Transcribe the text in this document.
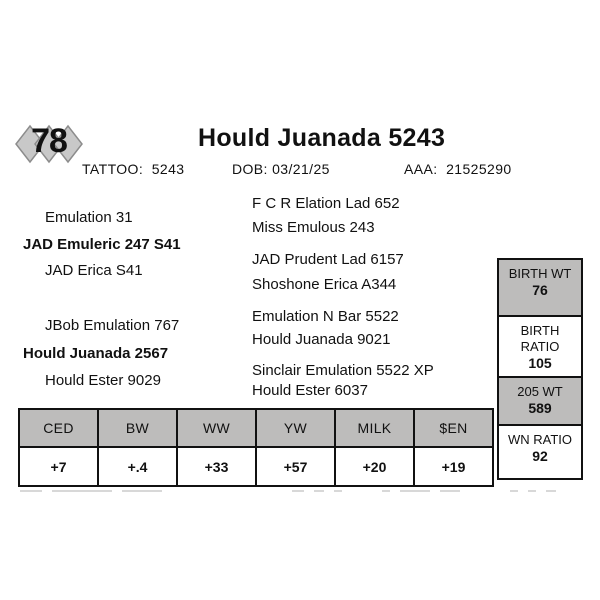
78	Hould Juanada 5243
TATTOO: 5243	DOB: 03/21/25	AAA: 21525290
Emulation 31
JAD Emuleric 247 S41
JAD Erica S41
JBob Emulation 767
Hould Juanada 2567
Hould Ester 9029
F C R Elation Lad 652
Miss Emulous 243
JAD Prudent Lad 6157
Shoshone Erica A344
Emulation N Bar 5522
Hould Juanada 9021
Sinclair Emulation 5522 XP
Hould Ester 6037
CED	BW	WW	YW	MILK	$EN
+7	+.4	+33	+57	+20	+19
BIRTH WT
76
BIRTH
RATIO
105
205 WT
589
WN RATIO
92
